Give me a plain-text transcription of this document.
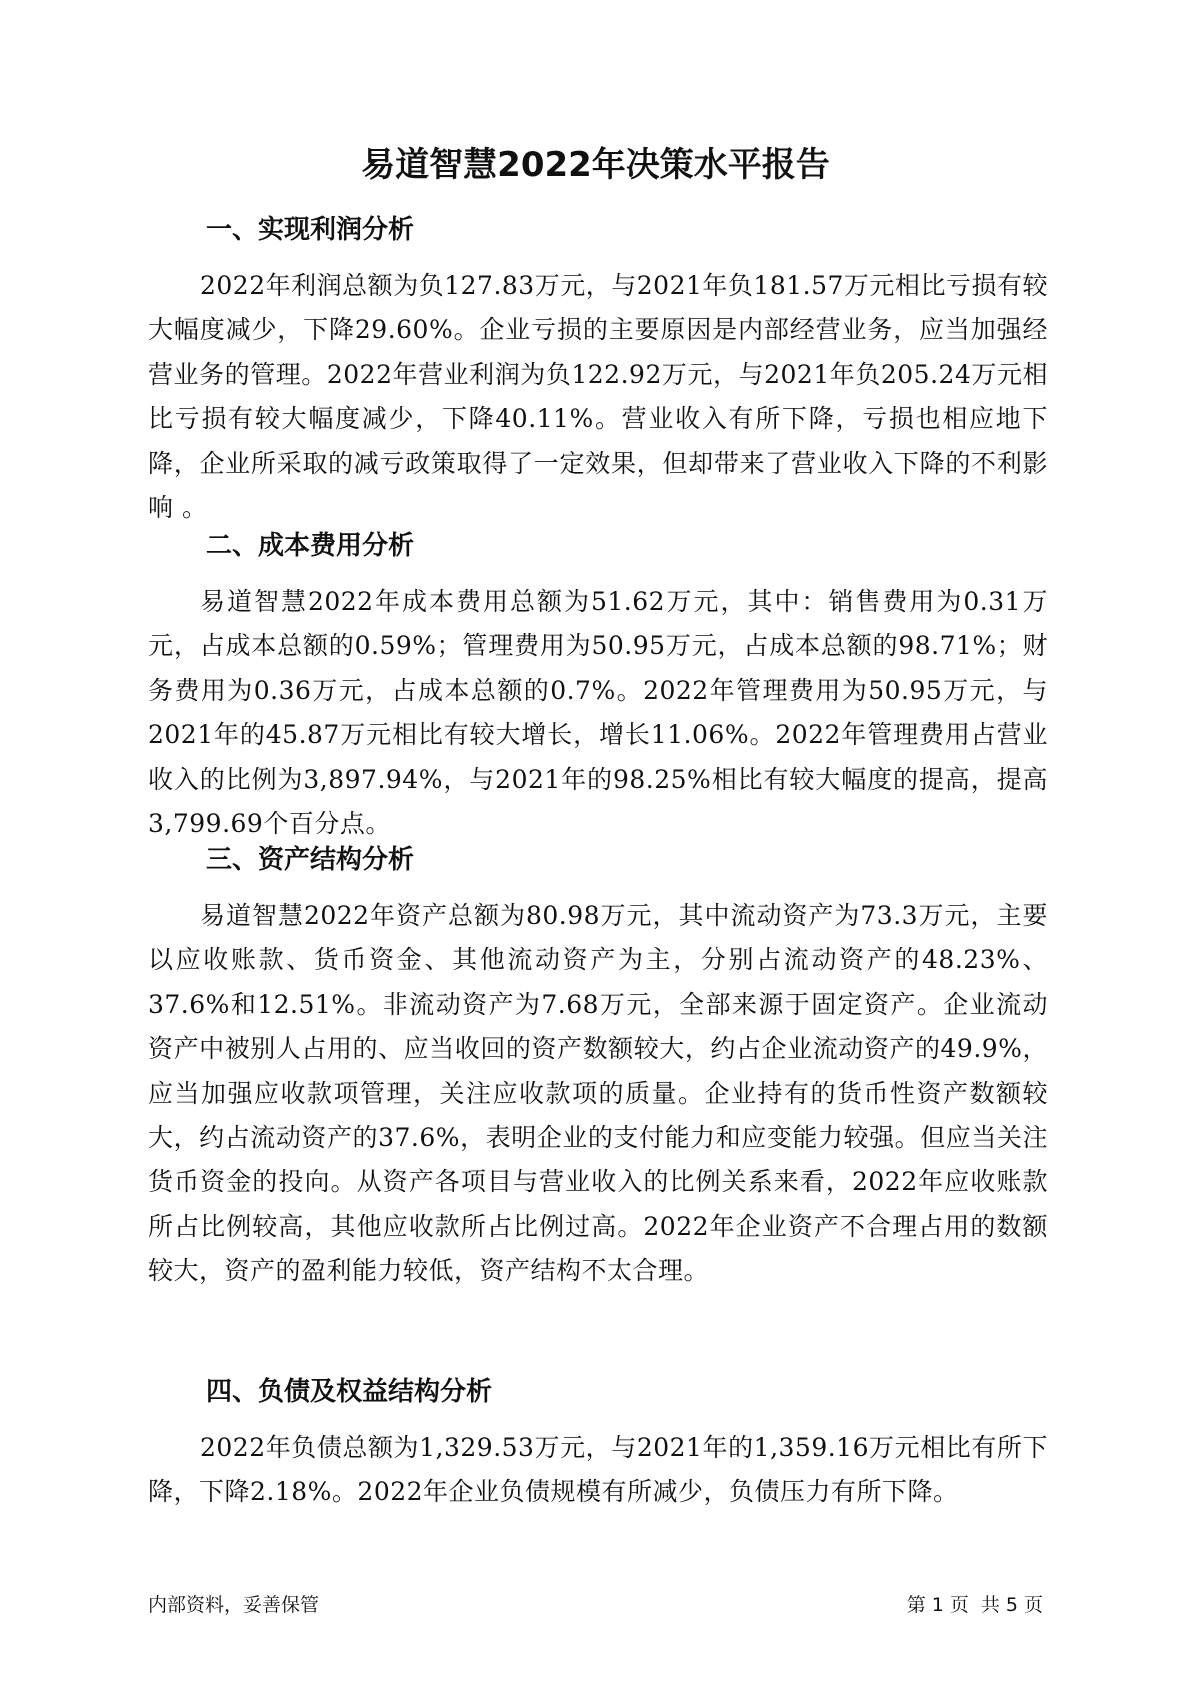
易道智慧2022年决策水平报告
一、实现利润分析

2022年利润总额为负127.83万元，与2021年负181.57万元相比亏损有较大幅度减少，下降29.60%。企业亏损的主要原因是内部经营业务，应当加强经营业务的管理。2022年营业利润为负122.92万元，与2021年负205.24万元相比亏损有较大幅度减少，下降40.11%。营业收入有所下降，亏损也相应地下降，企业所采取的减亏政策取得了一定效果，但却带来了营业收入下降的不利影响 。

二、成本费用分析

易道智慧2022年成本费用总额为51.62万元，其中：销售费用为0.31万元，占成本总额的0.59%；管理费用为50.95万元，占成本总额的98.71%；财务费用为0.36万元，占成本总额的0.7%。2022年管理费用为50.95万元，与2021年的45.87万元相比有较大增长，增长11.06%。2022年管理费用占营业收入的比例为3,897.94%，与2021年的98.25%相比有较大幅度的提高，提高3,799.69个百分点。

三、资产结构分析

易道智慧2022年资产总额为80.98万元，其中流动资产为73.3万元，主要以应收账款、货币资金、其他流动资产为主，分别占流动资产的48.23%、37.6%和12.51%。非流动资产为7.68万元，全部来源于固定资产。企业流动资产中被别人占用的、应当收回的资产数额较大，约占企业流动资产的49.9%，应当加强应收款项管理，关注应收款项的质量。企业持有的货币性资产数额较大，约占流动资产的37.6%，表明企业的支付能力和应变能力较强。但应当关注货币资金的投向。从资产各项目与营业收入的比例关系来看，2022年应收账款所占比例较高，其他应收款所占比例过高。2022年企业资产不合理占用的数额较大，资产的盈利能力较低，资产结构不太合理。

四、负债及权益结构分析

2022年负债总额为1,329.53万元，与2021年的1,359.16万元相比有所下降，下降2.18%。2022年企业负债规模有所减少，负债压力有所下降。

内部资料，妥善保管	第 1 页 共 5 页
